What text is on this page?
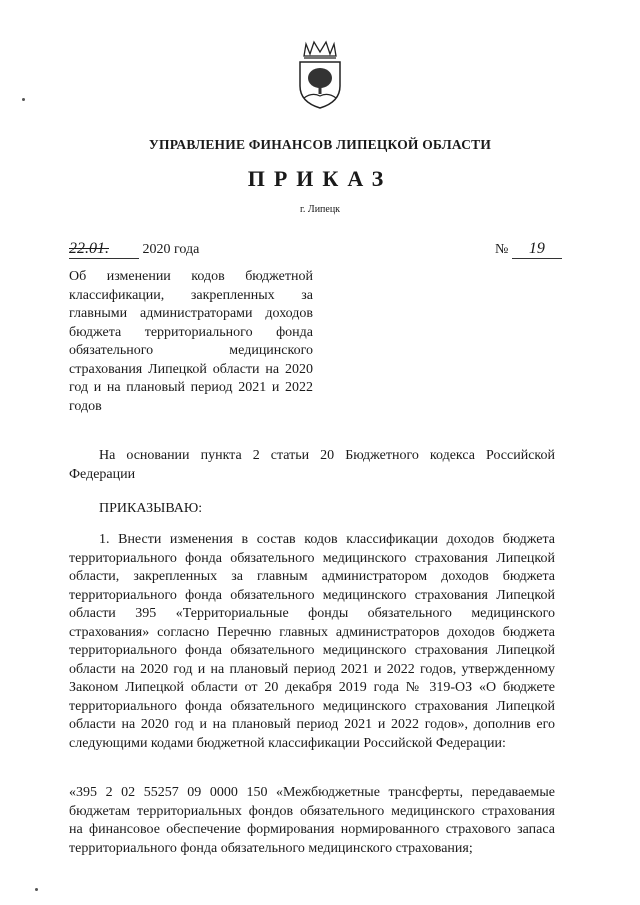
УПРАВЛЕНИЕ ФИНАНСОВ ЛИПЕЦКОЙ ОБЛАСТИ
ПРИКАЗ
г. Липецк
22.01. 2020 года	№ 19
Об изменении кодов бюджетной классификации, закрепленных за главными администраторами доходов бюджета территориального фонда обязательного медицинского страхования Липецкой области на 2020 год и на плановый период 2021 и 2022 годов
На основании пункта 2 статьи 20 Бюджетного кодекса Российской Федерации
ПРИКАЗЫВАЮ:
1. Внести изменения в состав кодов классификации доходов бюджета территориального фонда обязательного медицинского страхования Липецкой области, закрепленных за главным администратором доходов бюджета территориального фонда обязательного медицинского страхования Липецкой области 395 «Территориальные фонды обязательного медицинского страхования» согласно Перечню главных администраторов доходов бюджета территориального фонда обязательного медицинского страхования Липецкой области на 2020 год и на плановый период 2021 и 2022 годов, утвержденному Законом Липецкой области от 20 декабря 2019 года № 319-ОЗ «О бюджете территориального фонда обязательного медицинского страхования Липецкой области на 2020 год и на плановый период 2021 и 2022 годов», дополнив его следующими кодами бюджетной классификации Российской Федерации:
«395 2 02 55257 09 0000 150 «Межбюджетные трансферты, передаваемые бюджетам территориальных фондов обязательного медицинского страхования на финансовое обеспечение формирования нормированного страхового запаса территориального фонда обязательного медицинского страхования;
